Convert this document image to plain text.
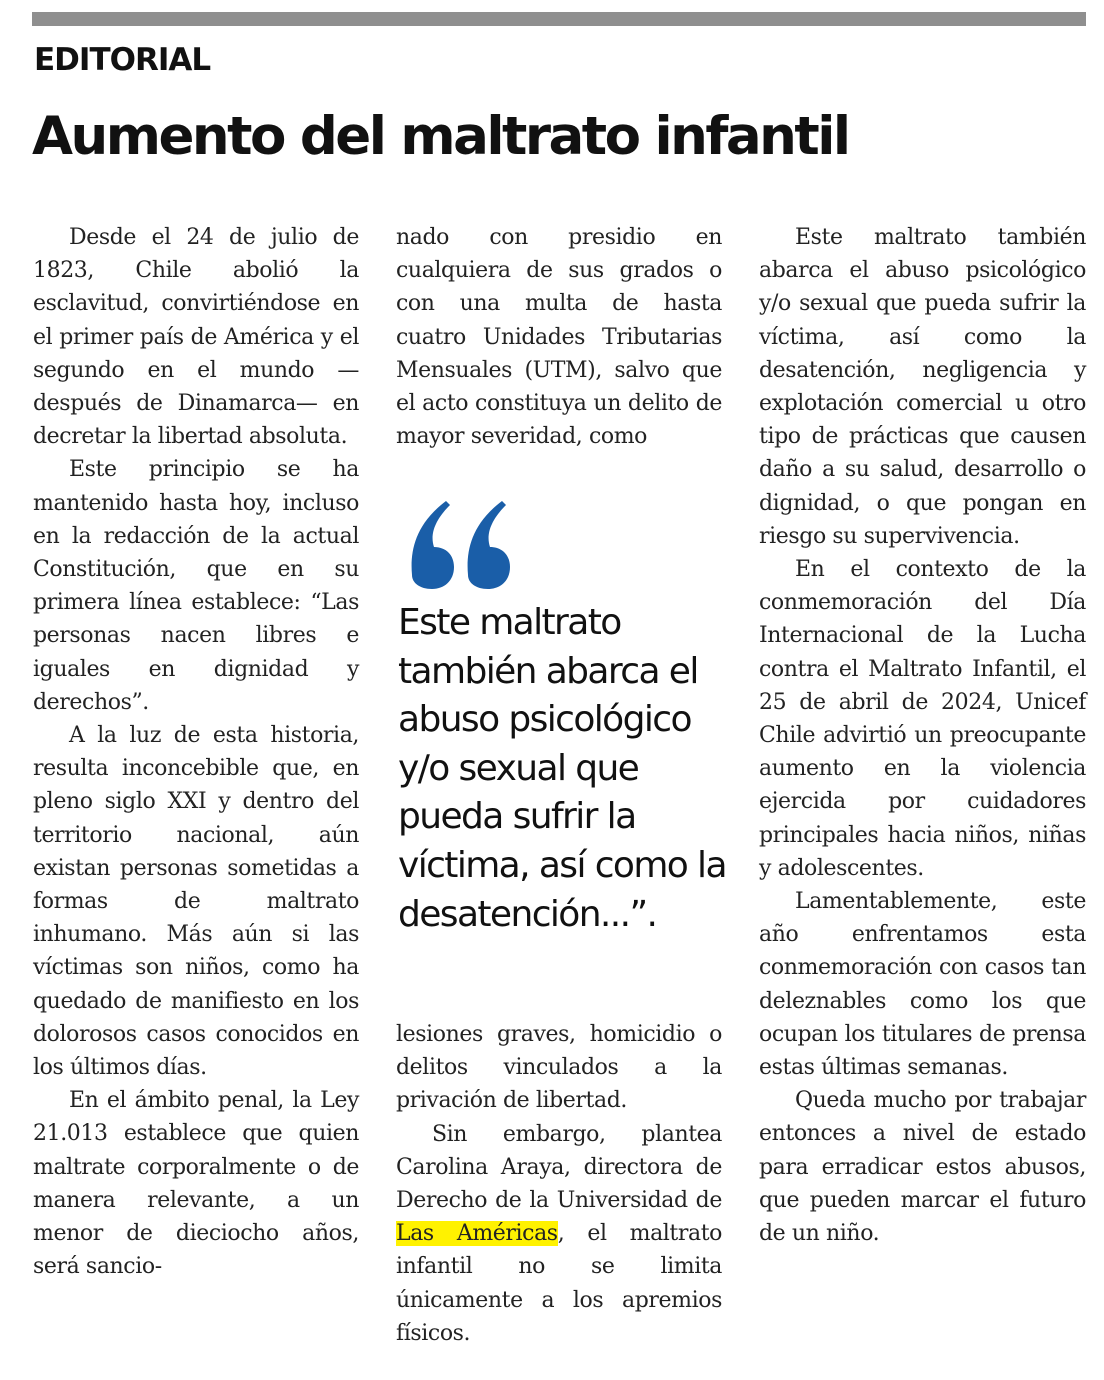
EDITORIAL
Aumento del maltrato infantil

Desde el 24 de julio de 1823, Chile abolió la esclavitud, convirtiéndose en el primer país de América y el segundo en el mundo —después de Dinamarca— en decretar la libertad absoluta.

Este principio se ha mantenido hasta hoy, incluso en la redacción de la actual Constitución, que en su primera línea establece: “Las personas nacen libres e iguales en dignidad y derechos”.

A la luz de esta historia, resulta inconcebible que, en pleno siglo XXI y dentro del territorio nacional, aún existan personas sometidas a formas de maltrato inhumano. Más aún si las víctimas son niños, como ha quedado de manifiesto en los dolorosos casos conocidos en los últimos días.

En el ámbito penal, la Ley 21.013 establece que quien maltrate corporalmente o de manera relevante, a un menor de dieciocho años, será sancio-

nado con presidio en cualquiera de sus grados o con una multa de hasta cuatro Unidades Tributarias Mensuales (UTM), salvo que el acto constituya un delito de mayor severidad, como

Este maltrato también abarca el abuso psicológico y/o sexual que pueda sufrir la víctima, así como la desatención...”.

lesiones graves, homicidio o delitos vinculados a la privación de libertad.

Sin embargo, plantea Carolina Araya, directora de Derecho de la Universidad de Las Américas, el maltrato infantil no se limita únicamente a los apremios físicos.

Este maltrato también abarca el abuso psicológico y/o sexual que pueda sufrir la víctima, así como la desatención, negligencia y explotación comercial u otro tipo de prácticas que causen daño a su salud, desarrollo o dignidad, o que pongan en riesgo su supervivencia.

En el contexto de la conmemoración del Día Internacional de la Lucha contra el Maltrato Infantil, el 25 de abril de 2024, Unicef Chile advirtió un preocupante aumento en la violencia ejercida por cuidadores principales hacia niños, niñas y adolescentes.

Lamentablemente, este año enfrentamos esta conmemoración con casos tan deleznables como los que ocupan los titulares de prensa estas últimas semanas.

Queda mucho por trabajar entonces a nivel de estado para erradicar estos abusos, que pueden marcar el futuro de un niño.
